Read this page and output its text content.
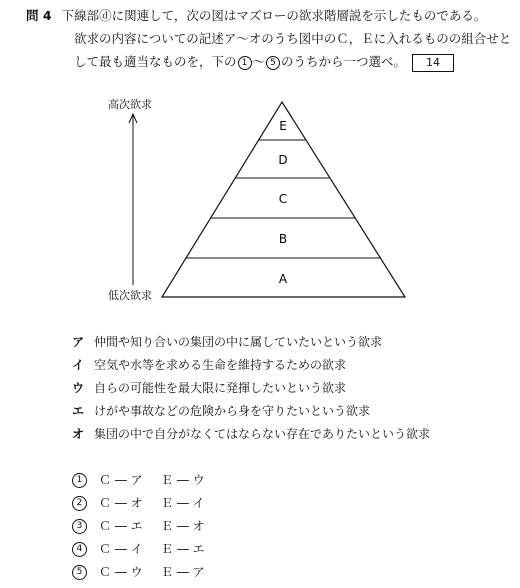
問 4 下線部ⓓに関連して，次の図はマズローの欲求階層説を示したものである。
欲求の内容についての記述ア～オのうち図中のＣ，Ｅに入れるものの組合せと
して最も適当なものを，下の 1 ～ 5 のうちから一つ選べ。 14
E
D
C
B
A
高次欲求
低次欲求
ア 仲間や知り合いの集団の中に属していたいという欲求
イ 空気や水等を求める生命を維持するための欲求
ウ 自らの可能性を最大限に発揮したいという欲求
エ けがや事故などの危険から身を守りたいという欲求
オ 集団の中で自分がなくてはならない存在でありたいという欲求
1 Ｃ ― ア Ｅ ― ウ
2 Ｃ ― オ Ｅ ― イ
3 Ｃ ― エ Ｅ ― オ
4 Ｃ ― イ Ｅ ― エ
5 Ｃ ― ウ Ｅ ― ア
